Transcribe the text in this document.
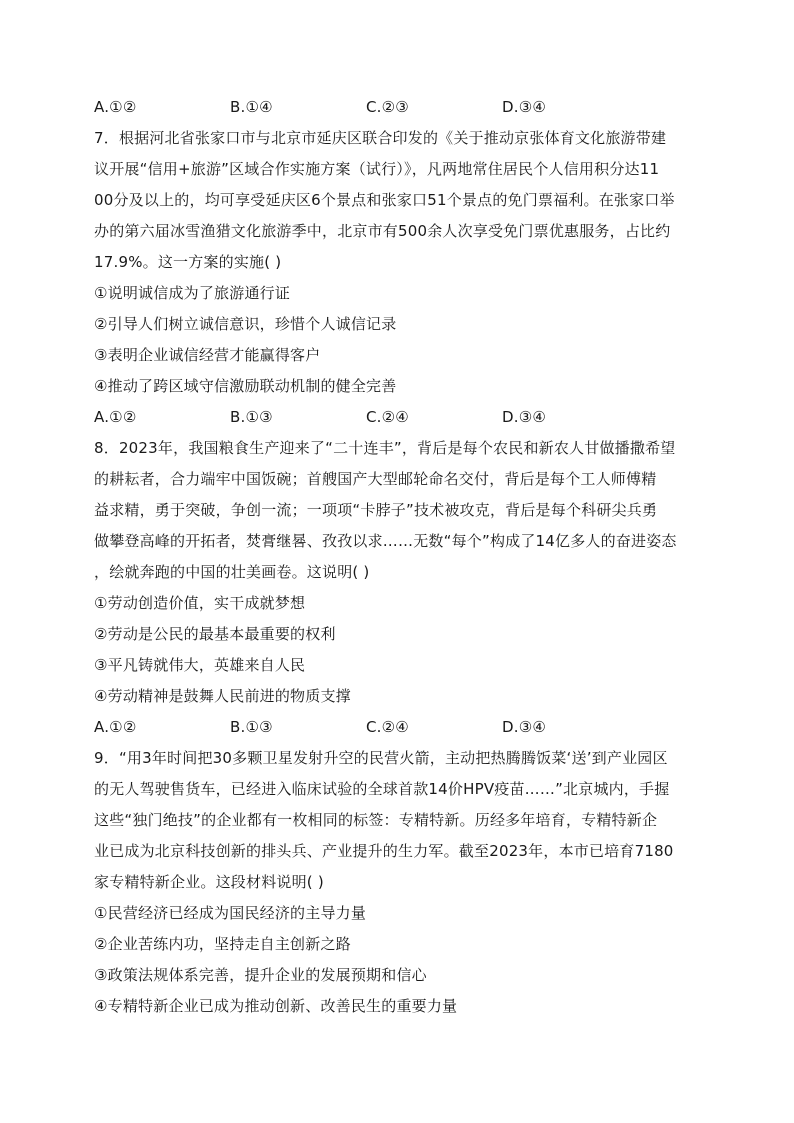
A.①②	B.①④	C.②③	D.③④
7．根据河北省张家口市与北京市延庆区联合印发的《关于推动京张体育文化旅游带建
议开展“信用+旅游”区域合作实施方案（试行）》，凡两地常住居民个人信用积分达11
00分及以上的，均可享受延庆区6个景点和张家口51个景点的免门票福利。在张家口举
办的第六届冰雪渔猎文化旅游季中，北京市有500余人次享受免门票优惠服务，占比约
17.9%。这一方案的实施( )
①说明诚信成为了旅游通行证
②引导人们树立诚信意识，珍惜个人诚信记录
③表明企业诚信经营才能赢得客户
④推动了跨区域守信激励联动机制的健全完善
A.①②	B.①③	C.②④	D.③④
8．2023年，我国粮食生产迎来了“二十连丰”，背后是每个农民和新农人甘做播撒希望
的耕耘者，合力端牢中国饭碗；首艘国产大型邮轮命名交付，背后是每个工人师傅精
益求精，勇于突破，争创一流；一项项“卡脖子”技术被攻克，背后是每个科研尖兵勇
做攀登高峰的开拓者，焚膏继晷、孜孜以求……无数“每个”构成了14亿多人的奋进姿态
，绘就奔跑的中国的壮美画卷。这说明( )
①劳动创造价值，实干成就梦想
②劳动是公民的最基本最重要的权利
③平凡铸就伟大，英雄来自人民
④劳动精神是鼓舞人民前进的物质支撑
A.①②	B.①③	C.②④	D.③④
9．“用3年时间把30多颗卫星发射升空的民营火箭，主动把热腾腾饭菜‘送’到产业园区
的无人驾驶售货车，已经进入临床试验的全球首款14价HPV疫苗……”北京城内，手握
这些“独门绝技”的企业都有一枚相同的标签：专精特新。历经多年培育，专精特新企
业已成为北京科技创新的排头兵、产业提升的生力军。截至2023年，本市已培育7180
家专精特新企业。这段材料说明( )
①民营经济已经成为国民经济的主导力量
②企业苦练内功，坚持走自主创新之路
③政策法规体系完善，提升企业的发展预期和信心
④专精特新企业已成为推动创新、改善民生的重要力量
